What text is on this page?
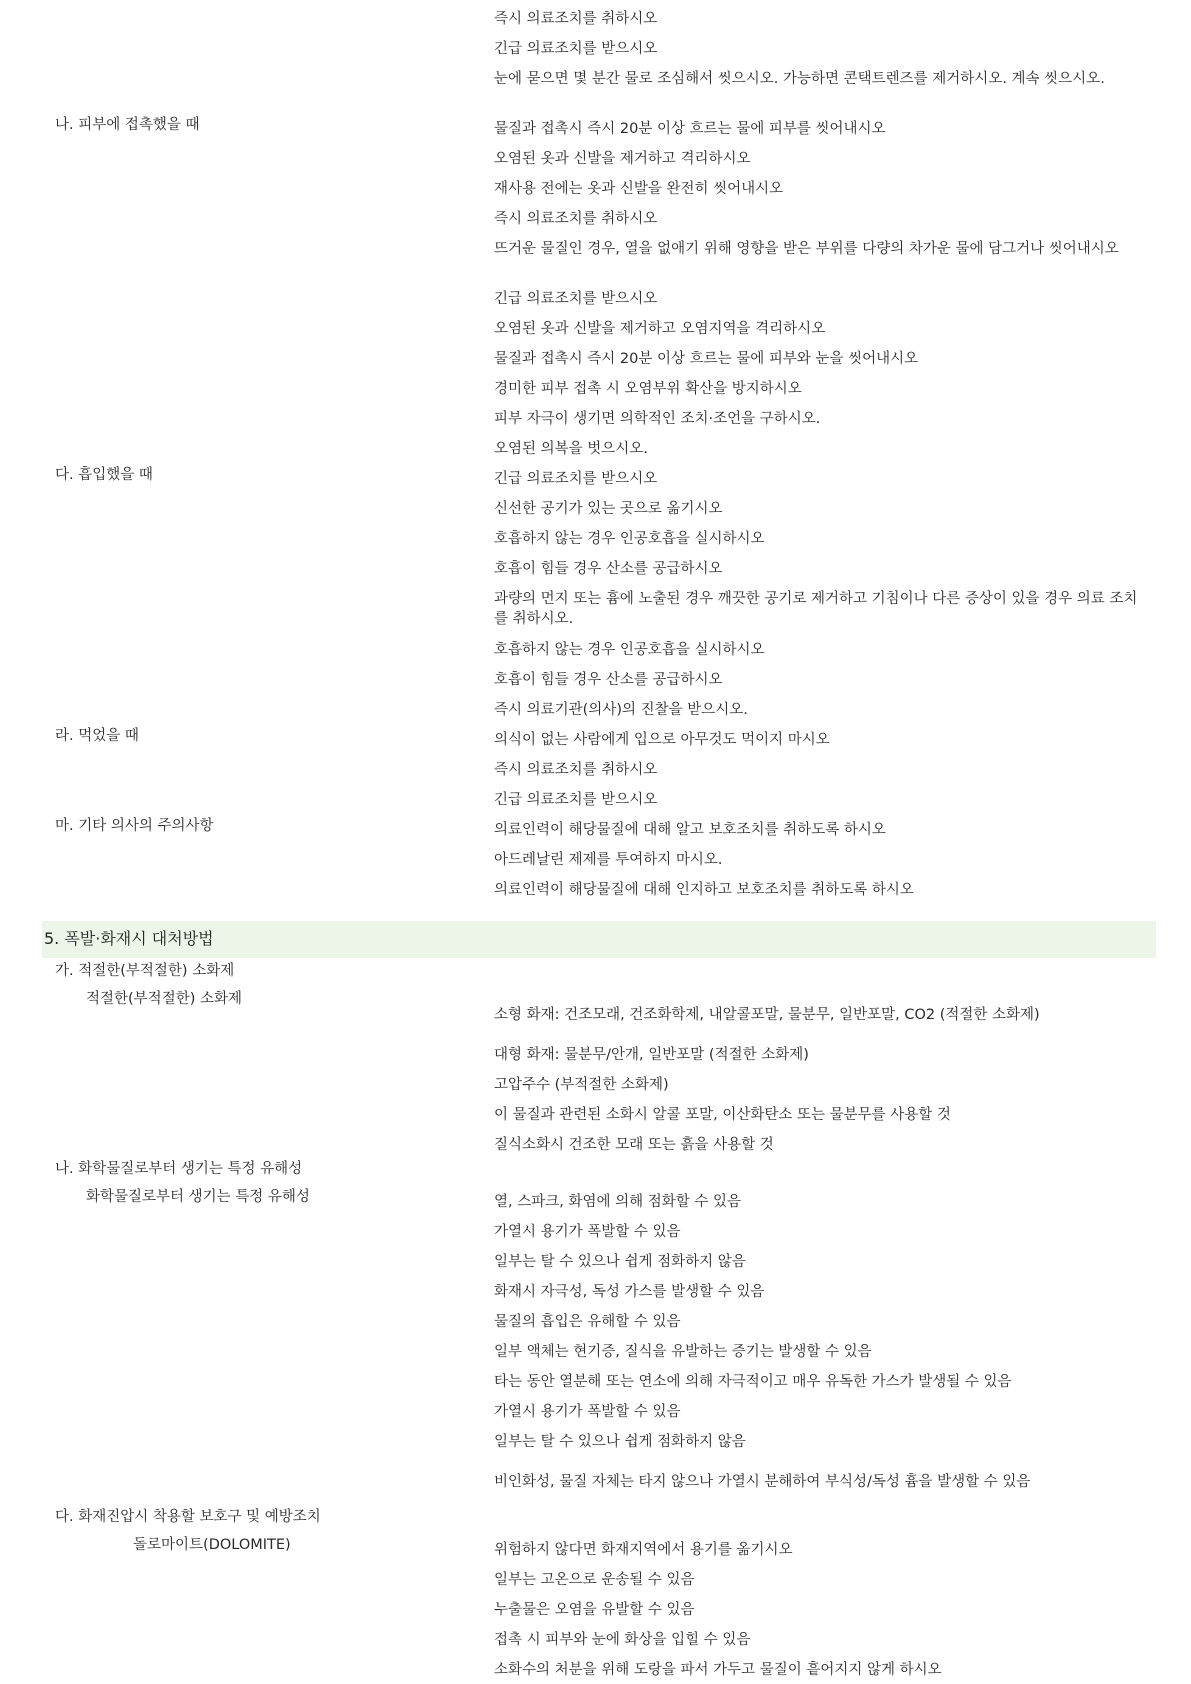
즉시 의료조치를 취하시오
긴급 의료조치를 받으시오
눈에 묻으면 몇 분간 물로 조심해서 씻으시오. 가능하면 콘택트렌즈를 제거하시오. 계속 씻으시오.
물질과 접촉시 즉시 20분 이상 흐르는 물에 피부를 씻어내시오
나. 피부에 접촉했을 때
오염된 옷과 신발을 제거하고 격리하시오
재사용 전에는 옷과 신발을 완전히 씻어내시오
즉시 의료조치를 취하시오
뜨거운 물질인 경우, 열을 없애기 위해 영향을 받은 부위를 다량의 차가운 물에 담그거나 씻어내시오
긴급 의료조치를 받으시오
오염된 옷과 신발을 제거하고 오염지역을 격리하시오
물질과 접촉시 즉시 20분 이상 흐르는 물에 피부와 눈을 씻어내시오
경미한 피부 접촉 시 오염부위 확산을 방지하시오
피부 자극이 생기면 의학적인 조치·조언을 구하시오.
오염된 의복을 벗으시오.
긴급 의료조치를 받으시오
다. 흡입했을 때
신선한 공기가 있는 곳으로 옮기시오
호흡하지 않는 경우 인공호흡을 실시하시오
호흡이 힘들 경우 산소를 공급하시오
과량의 먼지 또는 흄에 노출된 경우 깨끗한 공기로 제거하고 기침이나 다른 증상이 있을 경우 의료 조치를 취하시오.
호흡하지 않는 경우 인공호흡을 실시하시오
호흡이 힘들 경우 산소를 공급하시오
즉시 의료기관(의사)의 진찰을 받으시오.
의식이 없는 사람에게 입으로 아무것도 먹이지 마시오
라. 먹었을 때
즉시 의료조치를 취하시오
긴급 의료조치를 받으시오
의료인력이 해당물질에 대해 알고 보호조치를 취하도록 하시오
마. 기타 의사의 주의사항
아드레날린 제제를 투여하지 마시오.
의료인력이 해당물질에 대해 인지하고 보호조치를 취하도록 하시오
5. 폭발·화재시 대처방법
가. 적절한(부적절한) 소화제
적절한(부적절한) 소화제
소형 화재: 건조모래, 건조화학제, 내알콜포말, 물분무, 일반포말, CO2 (적절한 소화제)
대형 화재: 물분무/안개, 일반포말 (적절한 소화제)
고압주수 (부적절한 소화제)
이 물질과 관련된 소화시 알콜 포말, 이산화탄소 또는 물분무를 사용할 것
질식소화시 건조한 모래 또는 흙을 사용할 것
나. 화학물질로부터 생기는 특정 유해성
화학물질로부터 생기는 특정 유해성	열, 스파크, 화염에 의해 점화할 수 있음
가열시 용기가 폭발할 수 있음
일부는 탈 수 있으나 쉽게 점화하지 않음
화재시 자극성, 독성 가스를 발생할 수 있음
물질의 흡입은 유해할 수 있음
일부 액체는 현기증, 질식을 유발하는 증기는 발생할 수 있음
타는 동안 열분해 또는 연소에 의해 자극적이고 매우 유독한 가스가 발생될 수 있음
가열시 용기가 폭발할 수 있음
일부는 탈 수 있으나 쉽게 점화하지 않음
비인화성, 물질 자체는 타지 않으나 가열시 분해하여 부식성/독성 흄을 발생할 수 있음
다. 화재진압시 착용할 보호구 및 예방조치
돌로마이트(DOLOMITE)	위험하지 않다면 화재지역에서 용기를 옮기시오
일부는 고온으로 운송될 수 있음
누출물은 오염을 유발할 수 있음
접촉 시 피부와 눈에 화상을 입힐 수 있음
소화수의 처분을 위해 도랑을 파서 가두고 물질이 흩어지지 않게 하시오
